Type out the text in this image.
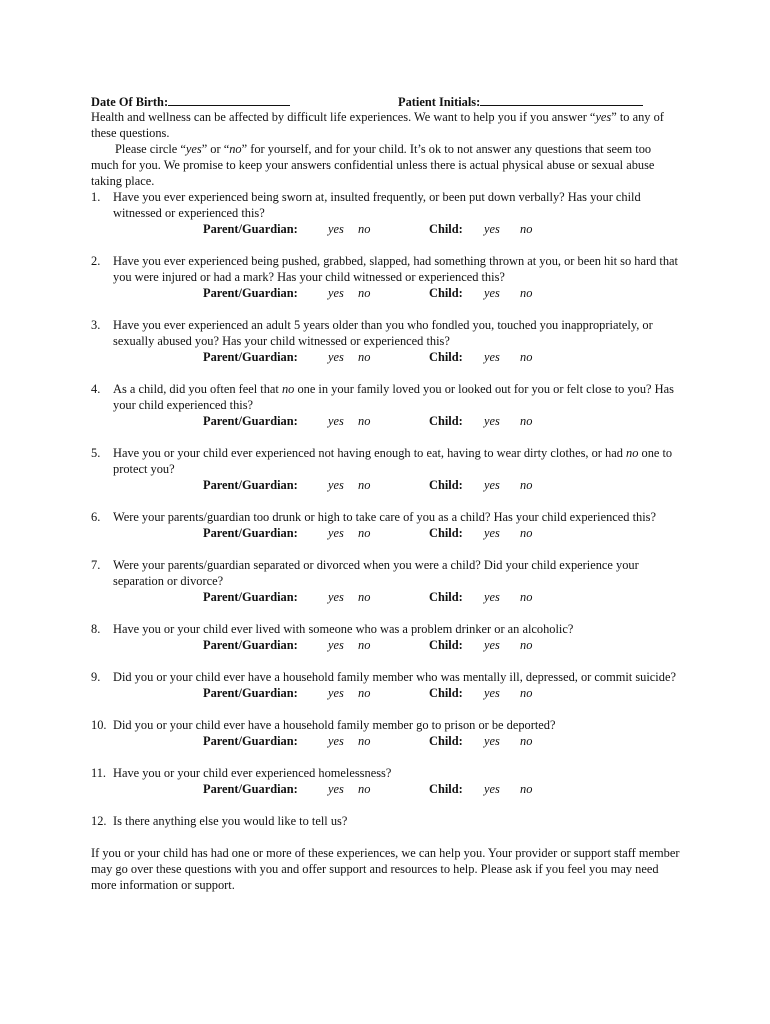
Date Of Birth:	Patient Initials:

Health and wellness can be affected by difficult life experiences. We want to help you if you answer “yes” to any of these questions.

Please circle “yes” or “no” for yourself, and for your child. It’s ok to not answer any questions that seem too much for you. We promise to keep your answers confidential unless there is actual physical abuse or sexual abuse taking place.

1. Have you ever experienced being sworn at, insulted frequently, or been put down verbally? Has your child witnessed or experienced this?

Parent/Guardian: yes no	Child: yes no
2. Have you ever experienced being pushed, grabbed, slapped, had something thrown at you, or been hit so hard that you were injured or had a mark? Has your child witnessed or experienced this?

Parent/Guardian: yes no	Child: yes no
3. Have you ever experienced an adult 5 years older than you who fondled you, touched you inappropriately, or sexually abused you? Has your child witnessed or experienced this?

Parent/Guardian: yes no	Child: yes no
4. As a child, did you often feel that no one in your family loved you or looked out for you or felt close to you? Has your child experienced this?

Parent/Guardian: yes no	Child: yes no
5. Have you or your child ever experienced not having enough to eat, having to wear dirty clothes, or had no one to protect you?

Parent/Guardian: yes no	Child: yes no
6. Were your parents/guardian too drunk or high to take care of you as a child? Has your child experienced this?

Parent/Guardian: yes no	Child: yes no
7. Were your parents/guardian separated or divorced when you were a child? Did your child experience your separation or divorce?

Parent/Guardian: yes no	Child: yes no
8. Have you or your child ever lived with someone who was a problem drinker or an alcoholic?

Parent/Guardian: yes no	Child: yes no
9. Did you or your child ever have a household family member who was mentally ill, depressed, or commit suicide?

Parent/Guardian: yes no	Child: yes no
10. Did you or your child ever have a household family member go to prison or be deported?

Parent/Guardian: yes no	Child: yes no
11. Have you or your child ever experienced homelessness?

Parent/Guardian: yes no	Child: yes no
12. Is there anything else you would like to tell us?

If you or your child has had one or more of these experiences, we can help you. Your provider or support staff member may go over these questions with you and offer support and resources to help. Please ask if you feel you may need more information or support.
